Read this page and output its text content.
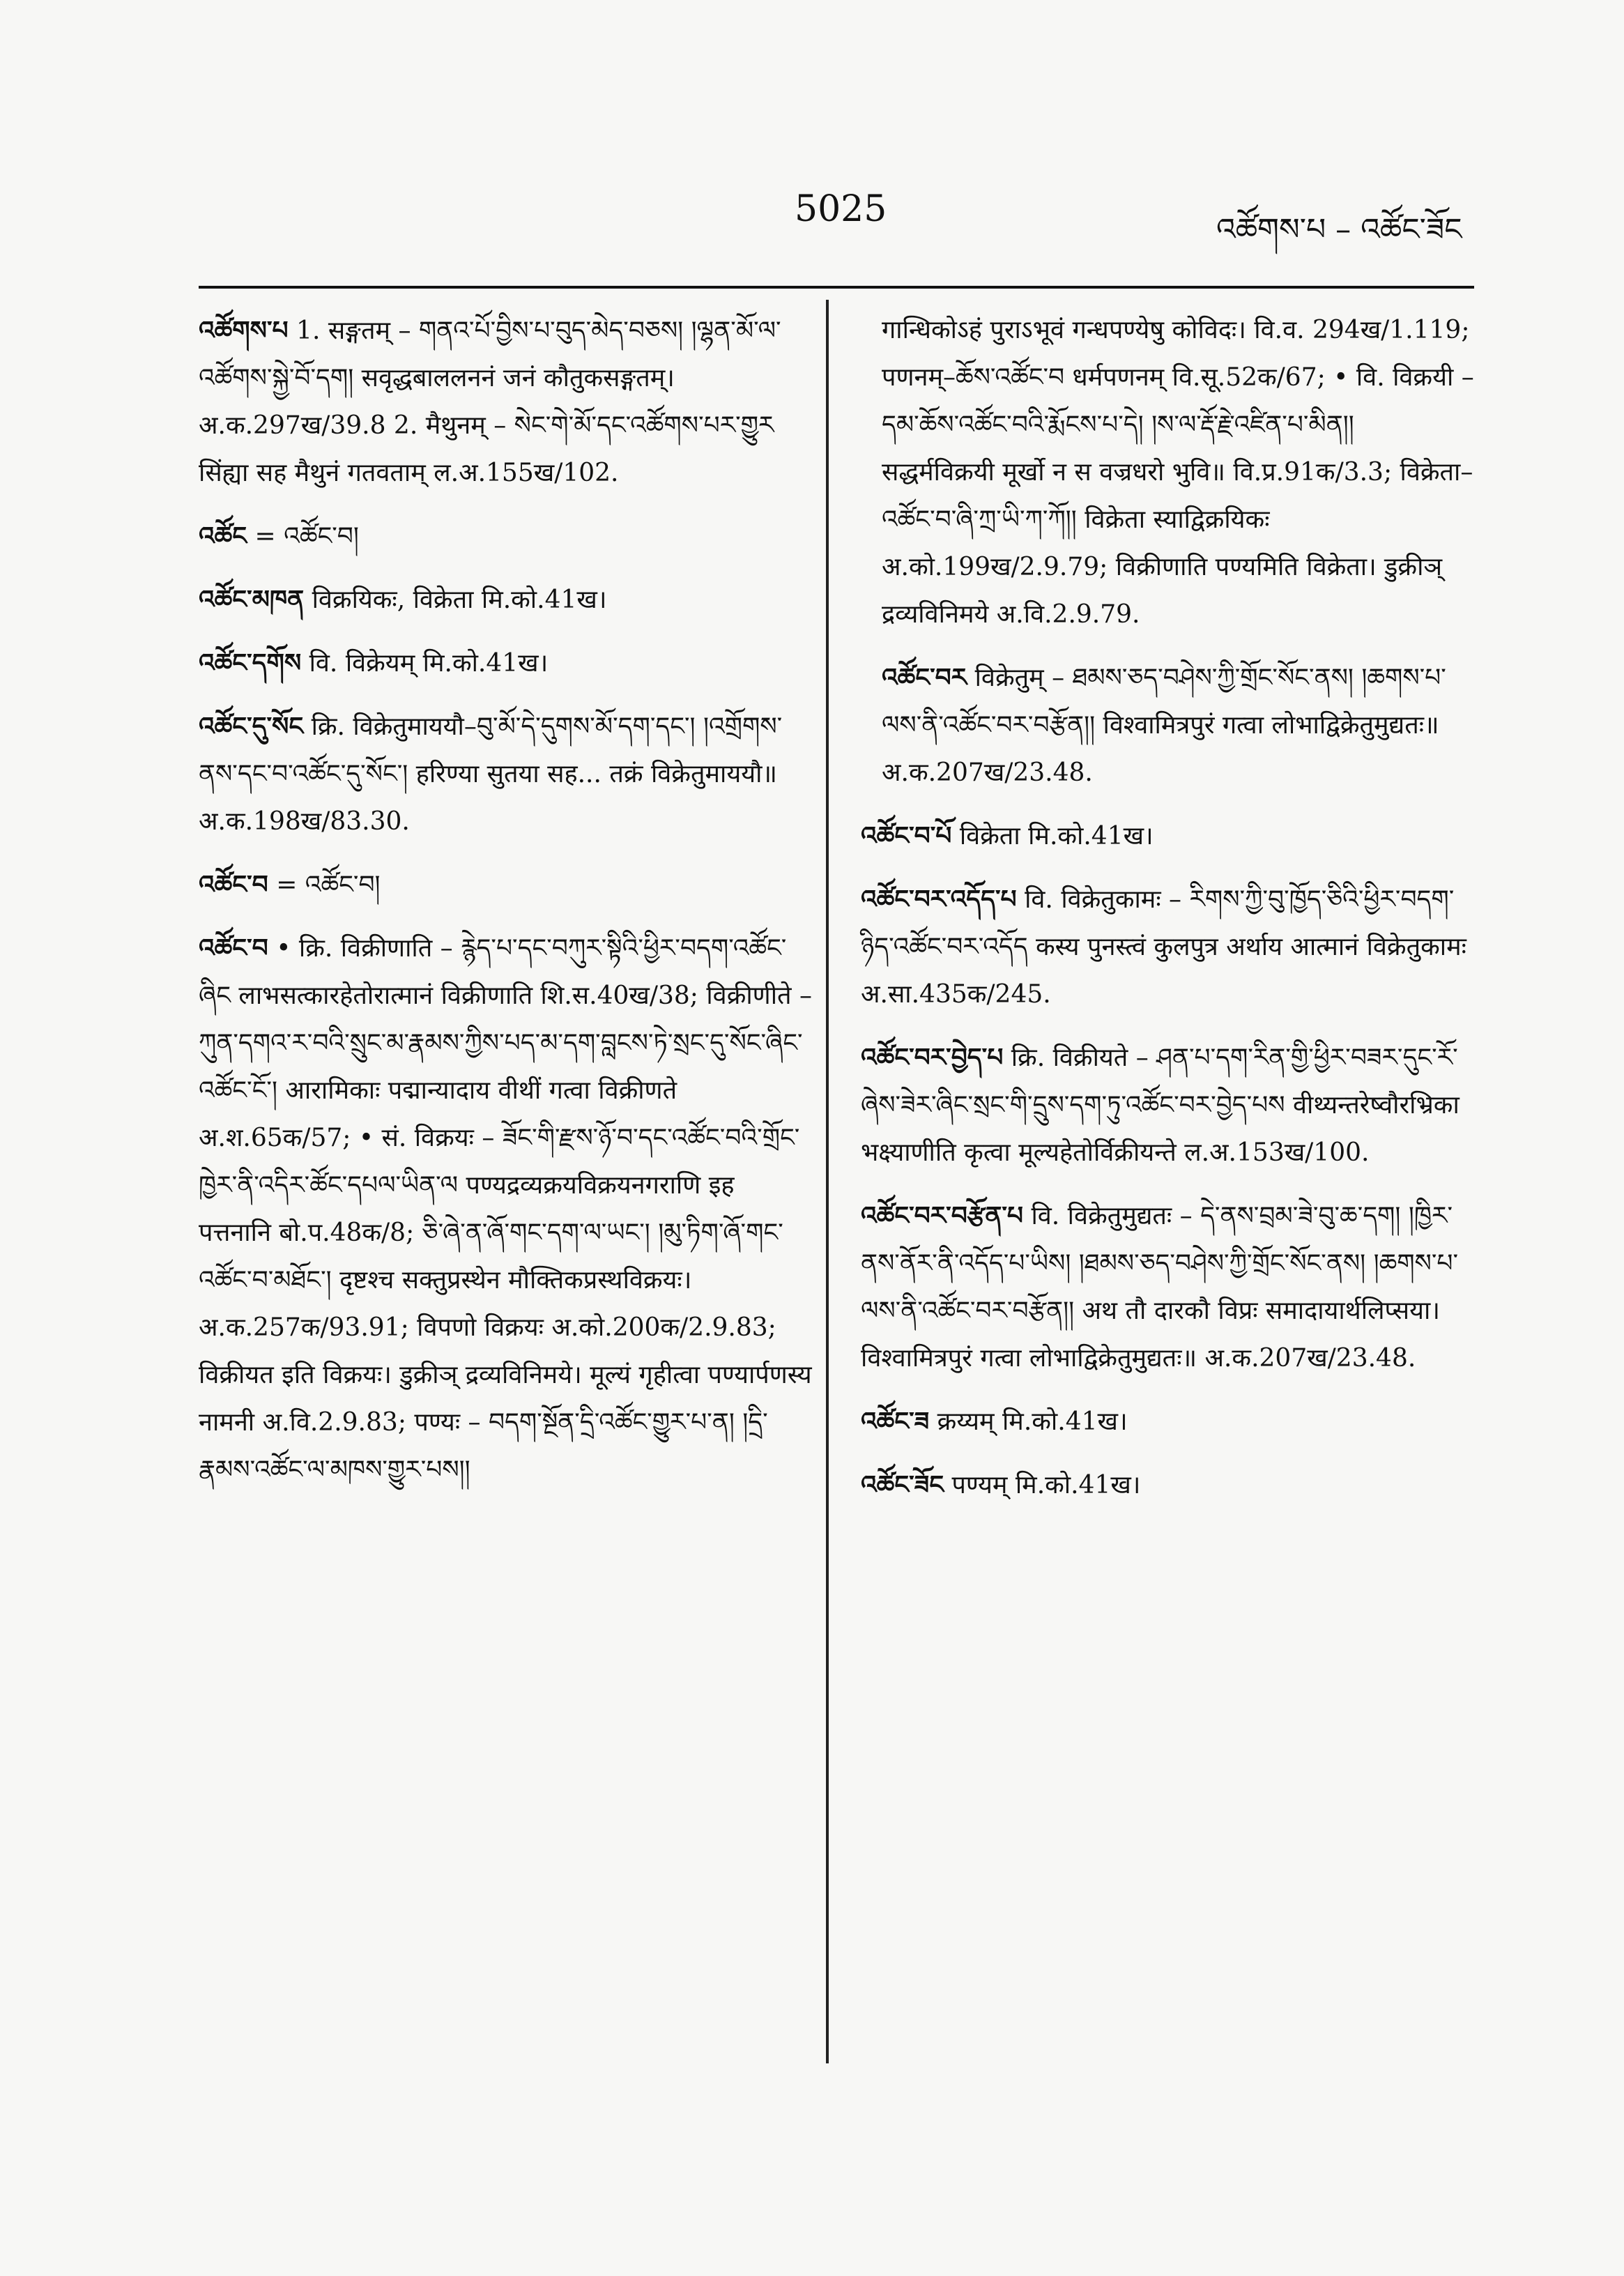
5025	འཚོགས་པ – འཚོང་ཟོང
འཚོགས་པ 1. सङ्गतम् – གནའ་པོ་བྱིས་པ་བུད་མེད་བཅས། །ལྷན་མོ་ལ་འཚོགས་སྐྱེ་བོ་དག། सवृद्धबाललननं जनं कौतुकसङ्गतम्। अ.क.297ख/39.8 2. मैथुनम् – སེང་གེ་མོ་དང་འཚོགས་པར་གྱུར सिंह्या सह मैथुनं गतवताम् ल.अ.155ख/102.
འཚོང = འཚོང་བ།
འཚོང་མཁན विक्रयिकः, विक्रेता मि.को.41ख।
འཚོང་དགོས वि. विक्रेयम् मि.को.41ख।
འཚོང་དུ་སོང क्रि. विक्रेतुमाययौ–བུ་མོ་དེ་དུགས་མོ་དག་དང་། །འགྲོགས་ནས་དང་བ་འཚོང་དུ་སོང་། हरिण्या सुतया सह... तक्रं विक्रेतुमाययौ॥ अ.क.198ख/83.30.
འཚོང་བ = འཚོང་བ།
འཚོང་བ • क्रि. विक्रीणाति – རྙེད་པ་དང་བཀུར་སྟིའི་ཕྱིར་བདག་འཚོང་ཞིང लाभसत्कारहेतोरात्मानं विक्रीणाति शि.स.40ख/38; विक्रीणीते – ཀུན་དགའ་ར་བའི་སྲུང་མ་རྣམས་ཀྱིས་པད་མ་དག་བླངས་ཏེ་སྲང་དུ་སོང་ཞིང་འཚོང་ངོ་། आरामिकाः पद्मान्यादाय वीथीं गत्वा विक्रीणते अ.श.65क/57; • सं. विक्रयः – ཟོང་གི་རྫས་ཉོ་བ་དང་འཚོང་བའི་གྲོང་ཁྱེར་ནི་འདིར་ཚོང་དཔལ་ཡིན་ལ पण्यद्रव्यक्रयविक्रयनगराणि इह पत्तनानि बो.प.48क/8; ཅི་ཞེ་ན་ཞོ་གང་དག་ལ་ཡང་། །མུ་ཏིག་ཞོ་གང་འཚོང་བ་མཐོང་། दृष्टश्च सक्तुप्रस्थेन मौक्तिकप्रस्थविक्रयः। अ.क.257क/93.91; विपणो विक्रयः अ.को.200क/2.9.83; विक्रीयत इति विक्रयः। डुक्रीञ् द्रव्यविनिमये। मूल्यं गृहीत्वा पण्यार्पणस्य नामनी अ.वि.2.9.83; पण्यः – བདག་སྔོན་དྲི་འཚོང་གྱུར་པ་ན། །དྲི་རྣམས་འཚོང་ལ་མཁས་གྱུར་པས།།
गान्धिकोऽहं पुराऽभूवं गन्धपण्येषु कोविदः। वि.व. 294ख/1.119; पणनम्–ཆོས་འཚོང་བ धर्मपणनम् वि.सू.52क/67; • वि. विक्रयी – དམ་ཆོས་འཚོང་བའི་རྨོངས་པ་དེ། །ས་ལ་རྡོ་རྗེ་འཛིན་པ་མིན།། सद्धर्मविक्रयी मूर्खो न स वज्रधरो भुवि॥ वि.प्र.91क/3.3; विक्रेता– འཚོང་བ་ཞི་ཀྲ་ཡི་ཀ་ཀོ།། विक्रेता स्याद्विक्रयिकः अ.को.199ख/2.9.79; विक्रीणाति पण्यमिति विक्रेता। डुक्रीञ् द्रव्यविनिमये अ.वि.2.9.79.
འཚོང་བར विक्रेतुम् – ཐམས་ཅད་བཤེས་ཀྱི་གྲོང་སོང་ནས། །ཆགས་པ་ལས་ནི་འཚོང་བར་བརྩོན།། विश्वामित्रपुरं गत्वा लोभाद्विक्रेतुमुद्यतः॥ अ.क.207ख/23.48.
འཚོང་བ་པོ विक्रेता मि.को.41ख।
འཚོང་བར་འདོད་པ वि. विक्रेतुकामः – རིགས་ཀྱི་བུ་ཁྱོད་ཅིའི་ཕྱིར་བདག་ཉིད་འཚོང་བར་འདོད कस्य पुनस्त्वं कुलपुत्र अर्थाय आत्मानं विक्रेतुकामः अ.सा.435क/245.
འཚོང་བར་བྱེད་པ क्रि. विक्रीयते – ཤན་པ་དག་རིན་གྱི་ཕྱིར་བཟར་དུང་རོ་ཞེས་ཟེར་ཞིང་སྲང་གི་དྲུས་དག་ཏུ་འཚོང་བར་བྱེད་པས वीथ्यन्तरेष्वौरभ्रिका भक्ष्याणीति कृत्वा मूल्यहेतोर्विक्रीयन्ते ल.अ.153ख/100.
འཚོང་བར་བརྩོན་པ वि. विक्रेतुमुद्यतः – དེ་ནས་བྲམ་ཟེ་བུ་ཆ་དག། །ཁྱིར་ནས་ནོར་ནི་འདོད་པ་ཡིས། །ཐམས་ཅད་བཤེས་ཀྱི་གྲོང་སོང་ནས། །ཆགས་པ་ལས་ནི་འཚོང་བར་བརྩོན།། अथ तौ दारकौ विप्रः समादायार्थलिप्सया। विश्वामित्रपुरं गत्वा लोभाद्विक्रेतुमुद्यतः॥ अ.क.207ख/23.48.
འཚོང་ཟ क्रय्यम् मि.को.41ख।
འཚོང་ཟོང पण्यम् मि.को.41ख।
